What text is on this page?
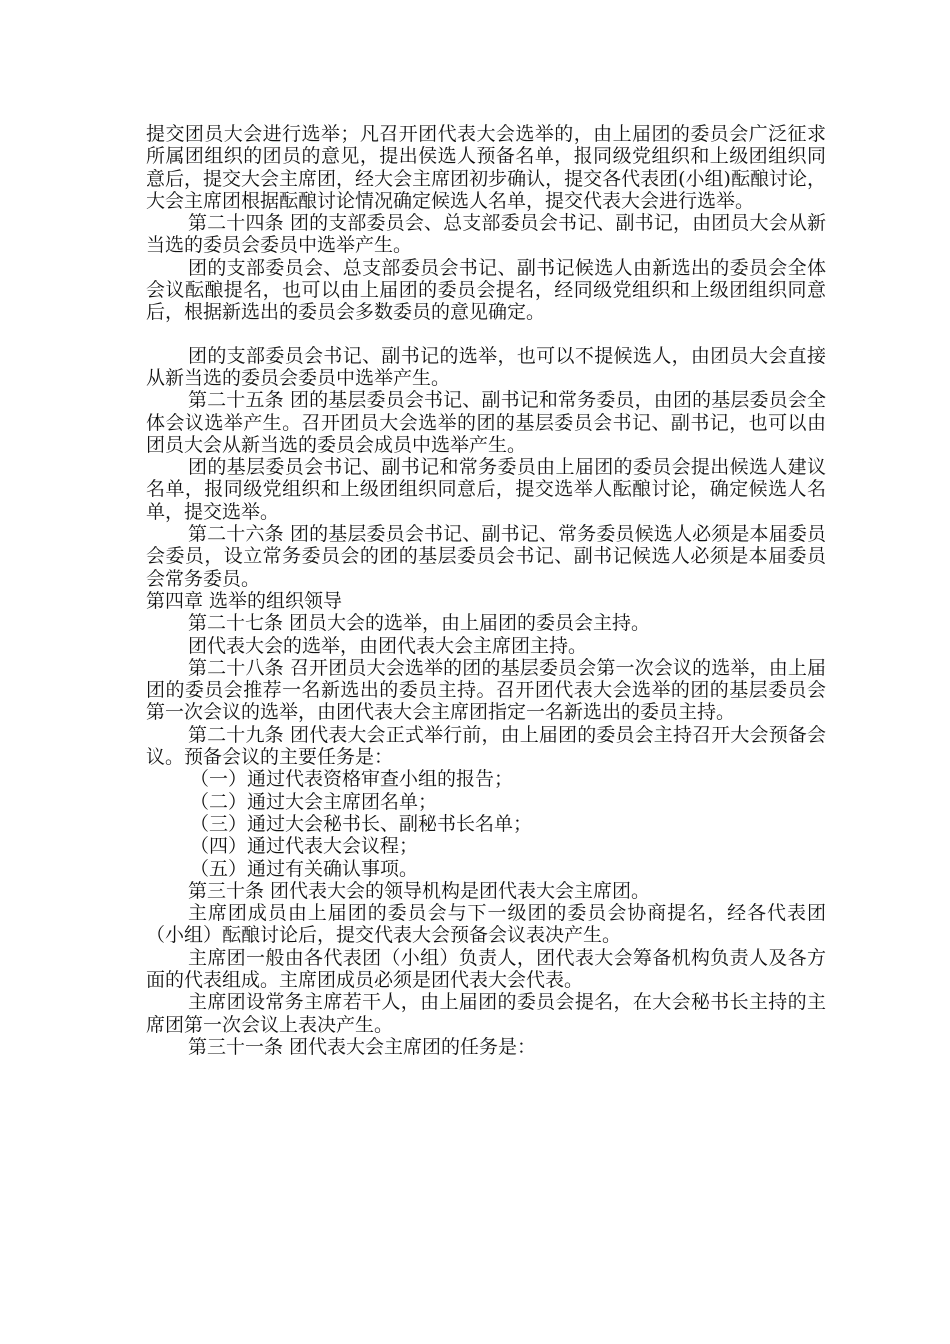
提交团员大会进行选举；凡召开团代表大会选举的，由上届团的委员会广泛征求所属团组织的团员的意见，提出侯选人预备名单，报同级党组织和上级团组织同意后，提交大会主席团，经大会主席团初步确认，提交各代表团(小组)酝酿讨论，大会主席团根据酝酿讨论情况确定候选人名单，提交代表大会进行选举。

第二十四条 团的支部委员会、总支部委员会书记、副书记，由团员大会从新当选的委员会委员中选举产生。

团的支部委员会、总支部委员会书记、副书记候选人由新选出的委员会全体会议酝酿提名，也可以由上届团的委员会提名，经同级党组织和上级团组织同意后，根据新选出的委员会多数委员的意见确定。

团的支部委员会书记、副书记的选举，也可以不提候选人，由团员大会直接从新当选的委员会委员中选举产生。

第二十五条 团的基层委员会书记、副书记和常务委员，由团的基层委员会全体会议选举产生。召开团员大会选举的团的基层委员会书记、副书记，也可以由团员大会从新当选的委员会成员中选举产生。

团的基层委员会书记、副书记和常务委员由上届团的委员会提出候选人建议名单，报同级党组织和上级团组织同意后，提交选举人酝酿讨论，确定候选人名单，提交选举。

第二十六条 团的基层委员会书记、副书记、常务委员候选人必须是本届委员会委员，设立常务委员会的团的基层委员会书记、副书记候选人必须是本届委员会常务委员。

第四章 选举的组织领导

第二十七条 团员大会的选举，由上届团的委员会主持。

团代表大会的选举，由团代表大会主席团主持。

第二十八条 召开团员大会选举的团的基层委员会第一次会议的选举，由上届团的委员会推荐一名新选出的委员主持。召开团代表大会选举的团的基层委员会第一次会议的选举，由团代表大会主席团指定一名新选出的委员主持。

第二十九条 团代表大会正式举行前，由上届团的委员会主持召开大会预备会议。预备会议的主要任务是：

（一）通过代表资格审查小组的报告；

（二）通过大会主席团名单；

（三）通过大会秘书长、副秘书长名单；

（四）通过代表大会议程；

（五）通过有关确认事项。

第三十条 团代表大会的领导机构是团代表大会主席团。

主席团成员由上届团的委员会与下一级团的委员会协商提名，经各代表团（小组）酝酿讨论后，提交代表大会预备会议表决产生。

主席团一般由各代表团（小组）负责人，团代表大会筹备机构负责人及各方面的代表组成。主席团成员必须是团代表大会代表。

主席团设常务主席若干人，由上届团的委员会提名，在大会秘书长主持的主席团第一次会议上表决产生。

第三十一条 团代表大会主席团的任务是：
